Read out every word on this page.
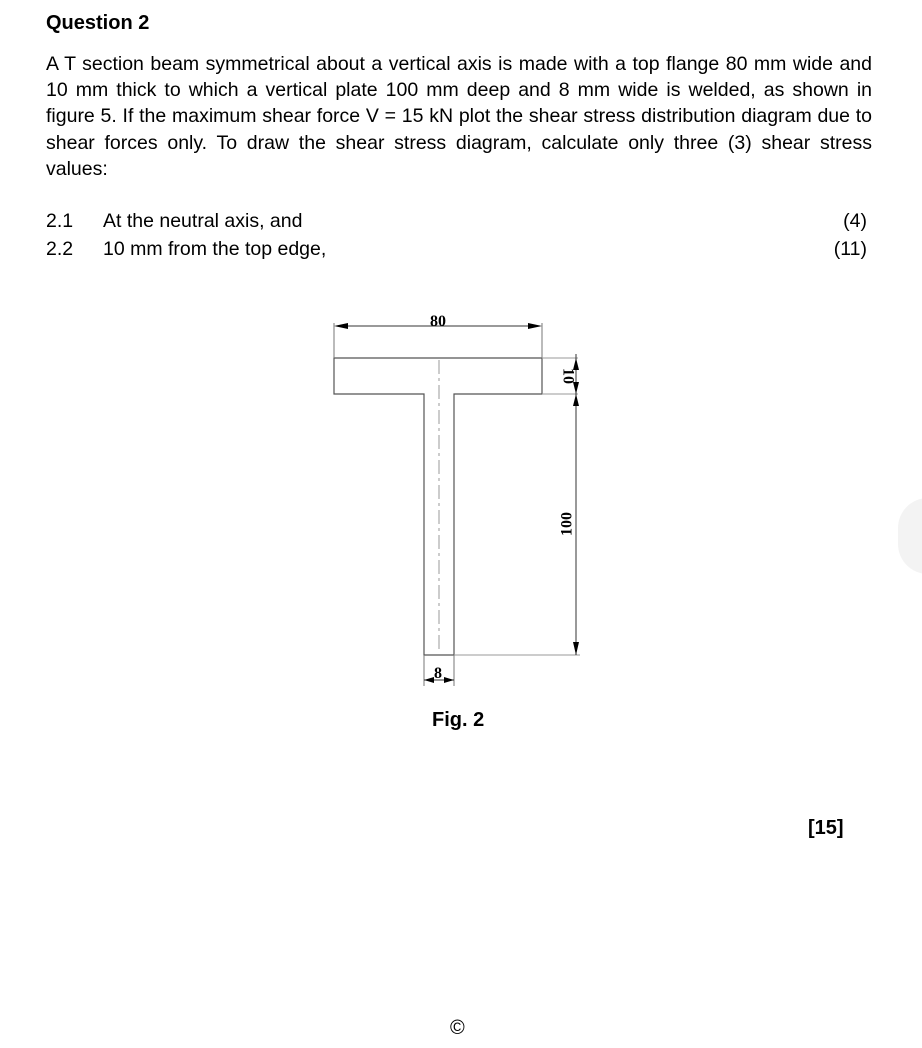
Question 2
A T section beam symmetrical about a vertical axis is made with a top flange 80 mm wide and 10 mm thick to which a vertical plate 100 mm deep and 8 mm wide is welded, as shown in figure 5. If the maximum shear force V = 15 kN plot the shear stress distribution diagram due to shear forces only. To draw the shear stress diagram, calculate only three (3) shear stress values:
2.1 At the neutral axis, and	(4)
2.2 10 mm from the top edge,	(11)
80
10
100
8
Fig. 2
[15]
©
